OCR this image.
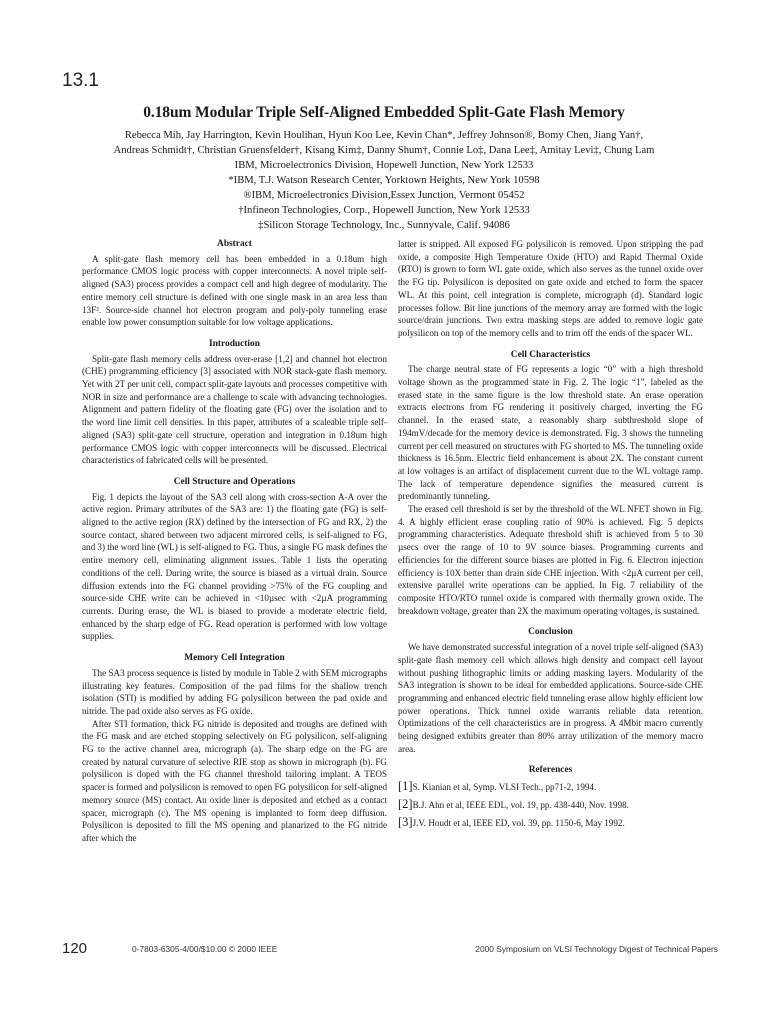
13.1
0.18um Modular Triple Self-Aligned Embedded Split-Gate Flash Memory

Rebecca Mih, Jay Harrington, Kevin Houlihan, Hyun Koo Lee, Kevin Chan*, Jeffrey Johnson®, Bomy Chen, Jiang Yan†,

Andreas Schmidt†, Christian Gruensfelder†, Kisang Kim‡, Danny Shum†, Connie Lo‡, Dana Lee‡, Amitay Levi‡, Chung Lam

IBM, Microelectronics Division, Hopewell Junction, New York 12533

*IBM, T.J. Watson Research Center, Yorktown Heights, New York 10598

®IBM, Microelectronics Division,Essex Junction, Vermont 05452

†Infineon Technologies, Corp., Hopewell Junction, New York 12533

‡Silicon Storage Technology, Inc., Sunnyvale, Calif. 94086

Abstract

A split-gate flash memory cell has been embedded in a 0.18um high performance CMOS logic process with copper interconnects. A novel triple self-aligned (SA3) process provides a compact cell and high degree of modularity. The entire memory cell structure is defined with one single mask in an area less than 13F². Source-side channel hot electron program and poly-poly tunneling erase enable low power consumption suitable for low voltage applications.

Introduction

Split-gate flash memory cells address over-erase [1,2] and channel hot electron (CHE) programming efficiency [3] associated with NOR stack-gate flash memory. Yet with 2T per unit cell, compact split-gate layouts and processes competitive with NOR in size and performance are a challenge to scale with advancing technologies. Alignment and pattern fidelity of the floating gate (FG) over the isolation and to the word line limit cell densities. In this paper, attributes of a scaleable triple self-aligned (SA3) split-gate cell structure, operation and integration in 0.18um high performance CMOS logic with copper interconnects will be discussed. Electrical characteristics of fabricated cells will be presented.

Cell Structure and Operations

Fig. 1 depicts the layout of the SA3 cell along with cross-section A-A over the active region. Primary attributes of the SA3 are: 1) the floating gate (FG) is self-aligned to the active region (RX) defined by the intersection of FG and RX, 2) the source contact, shared between two adjacent mirrored cells, is self-aligned to FG, and 3) the word line (WL) is self-aligned to FG. Thus, a single FG mask defines the entire memory cell, eliminating alignment issues. Table 1 lists the operating conditions of the cell. During write, the source is biased as a virtual drain. Source diffusion extends into the FG channel providing >75% of the FG coupling and source-side CHE write can be achieved in <10µsec with <2µA programming currents. During erase, the WL is biased to provide a moderate electric field, enhanced by the sharp edge of FG. Read operation is performed with low voltage supplies.

Memory Cell Integration

The SA3 process sequence is listed by module in Table 2 with SEM micrographs illustrating key features. Composition of the pad films for the shallow trench isolation (STI) is modified by adding FG polysilicon between the pad oxide and nitride. The pad oxide also serves as FG oxide.

After STI formation, thick FG nitride is deposited and troughs are defined with the FG mask and are etched stopping selectively on FG polysilicon, self-aligning FG to the active channel area, micrograph (a). The sharp edge on the FG are created by natural curvature of selective RIE stop as shown in micrograph (b). FG polysilicon is doped with the FG channel threshold tailoring implant. A TEOS spacer is formed and polysilicon is removed to open FG polysilicon for self-aligned memory source (MS) contact. An oxide liner is deposited and etched as a contact spacer, micrograph (c). The MS opening is implanted to form deep diffusion. Polysilicon is deposited to fill the MS opening and planarized to the FG nitride after which the

latter is stripped. All exposed FG polysilicon is removed. Upon stripping the pad oxide, a composite High Temperature Oxide (HTO) and Rapid Thermal Oxide (RTO) is grown to form WL gate oxide, which also serves as the tunnel oxide over the FG tip. Polysilicon is deposited on gate oxide and etched to form the spacer WL. At this point, cell integration is complete, micrograph (d). Standard logic processes follow. Bit line junctions of the memory array are formed with the logic source/drain junctions. Two extra masking steps are added to remove logic gate polysilicon on top of the memory cells and to trim off the ends of the spacer WL.

Cell Characteristics

The charge neutral state of FG represents a logic “0” with a high threshold voltage shown as the programmed state in Fig. 2. The logic “1”, labeled as the erased state in the same figure is the low threshold state. An erase operation extracts electrons from FG rendering it positively charged, inverting the FG channel. In the erased state, a reasonably sharp subthreshold slope of 194mV/decade for the memory device is demonstrated. Fig. 3 shows the tunneling current per cell measured on structures with FG shorted to MS. The tunneling oxide thickness is 16.5nm. Electric field enhancement is about 2X. The constant current at low voltages is an artifact of displacement current due to the WL voltage ramp. The lack of temperature dependence signifies the measured current is predominantly tunneling.

The erased cell threshold is set by the threshold of the WL NFET shown in Fig. 4. A highly efficient erase coupling ratio of 90% is achieved. Fig. 5 depicts programming characteristics. Adequate threshold shift is achieved from 5 to 30 µsecs over the range of 10 to 9V source biases. Programming currents and efficiencies for the different source biases are plotted in Fig. 6. Electron injection efficiency is 10X better than drain side CHE injection. With <2µA current per cell, extensive parallel write operations can be applied. In Fig. 7 reliability of the composite HTO/RTO tunnel oxide is compared with thermally grown oxide. The breakdown voltage, greater than 2X the maximum operating voltages, is sustained.

Conclusion

We have demonstrated successful integration of a novel triple self-aligned (SA3) split-gate flash memory cell which allows high density and compact cell layout without pushing lithographic limits or adding masking layers. Modularity of the SA3 integration is shown to be ideal for embedded applications. Source-side CHE programming and enhanced electric field tunneling erase allow highly efficient low power operations. Thick tunnel oxide warrants reliable data retention. Optimizations of the cell characteristics are in progress. A 4Mbit macro currently being designed exhibits greater than 80% array utilization of the memory macro area.

References

[1]S. Kianian et al, Symp. VLSI Tech., pp71-2, 1994.

[2]B.J. Ahn et al, IEEE EDL, vol. 19, pp. 438-440, Nov. 1998.

[3]J.V. Houdt et al, IEEE ED, vol. 39, pp. 1150-6, May 1992.

120	0-7803-6305-4/00/$10.00 © 2000 IEEE	2000 Symposium on VLSI Technology Digest of Technical Papers
